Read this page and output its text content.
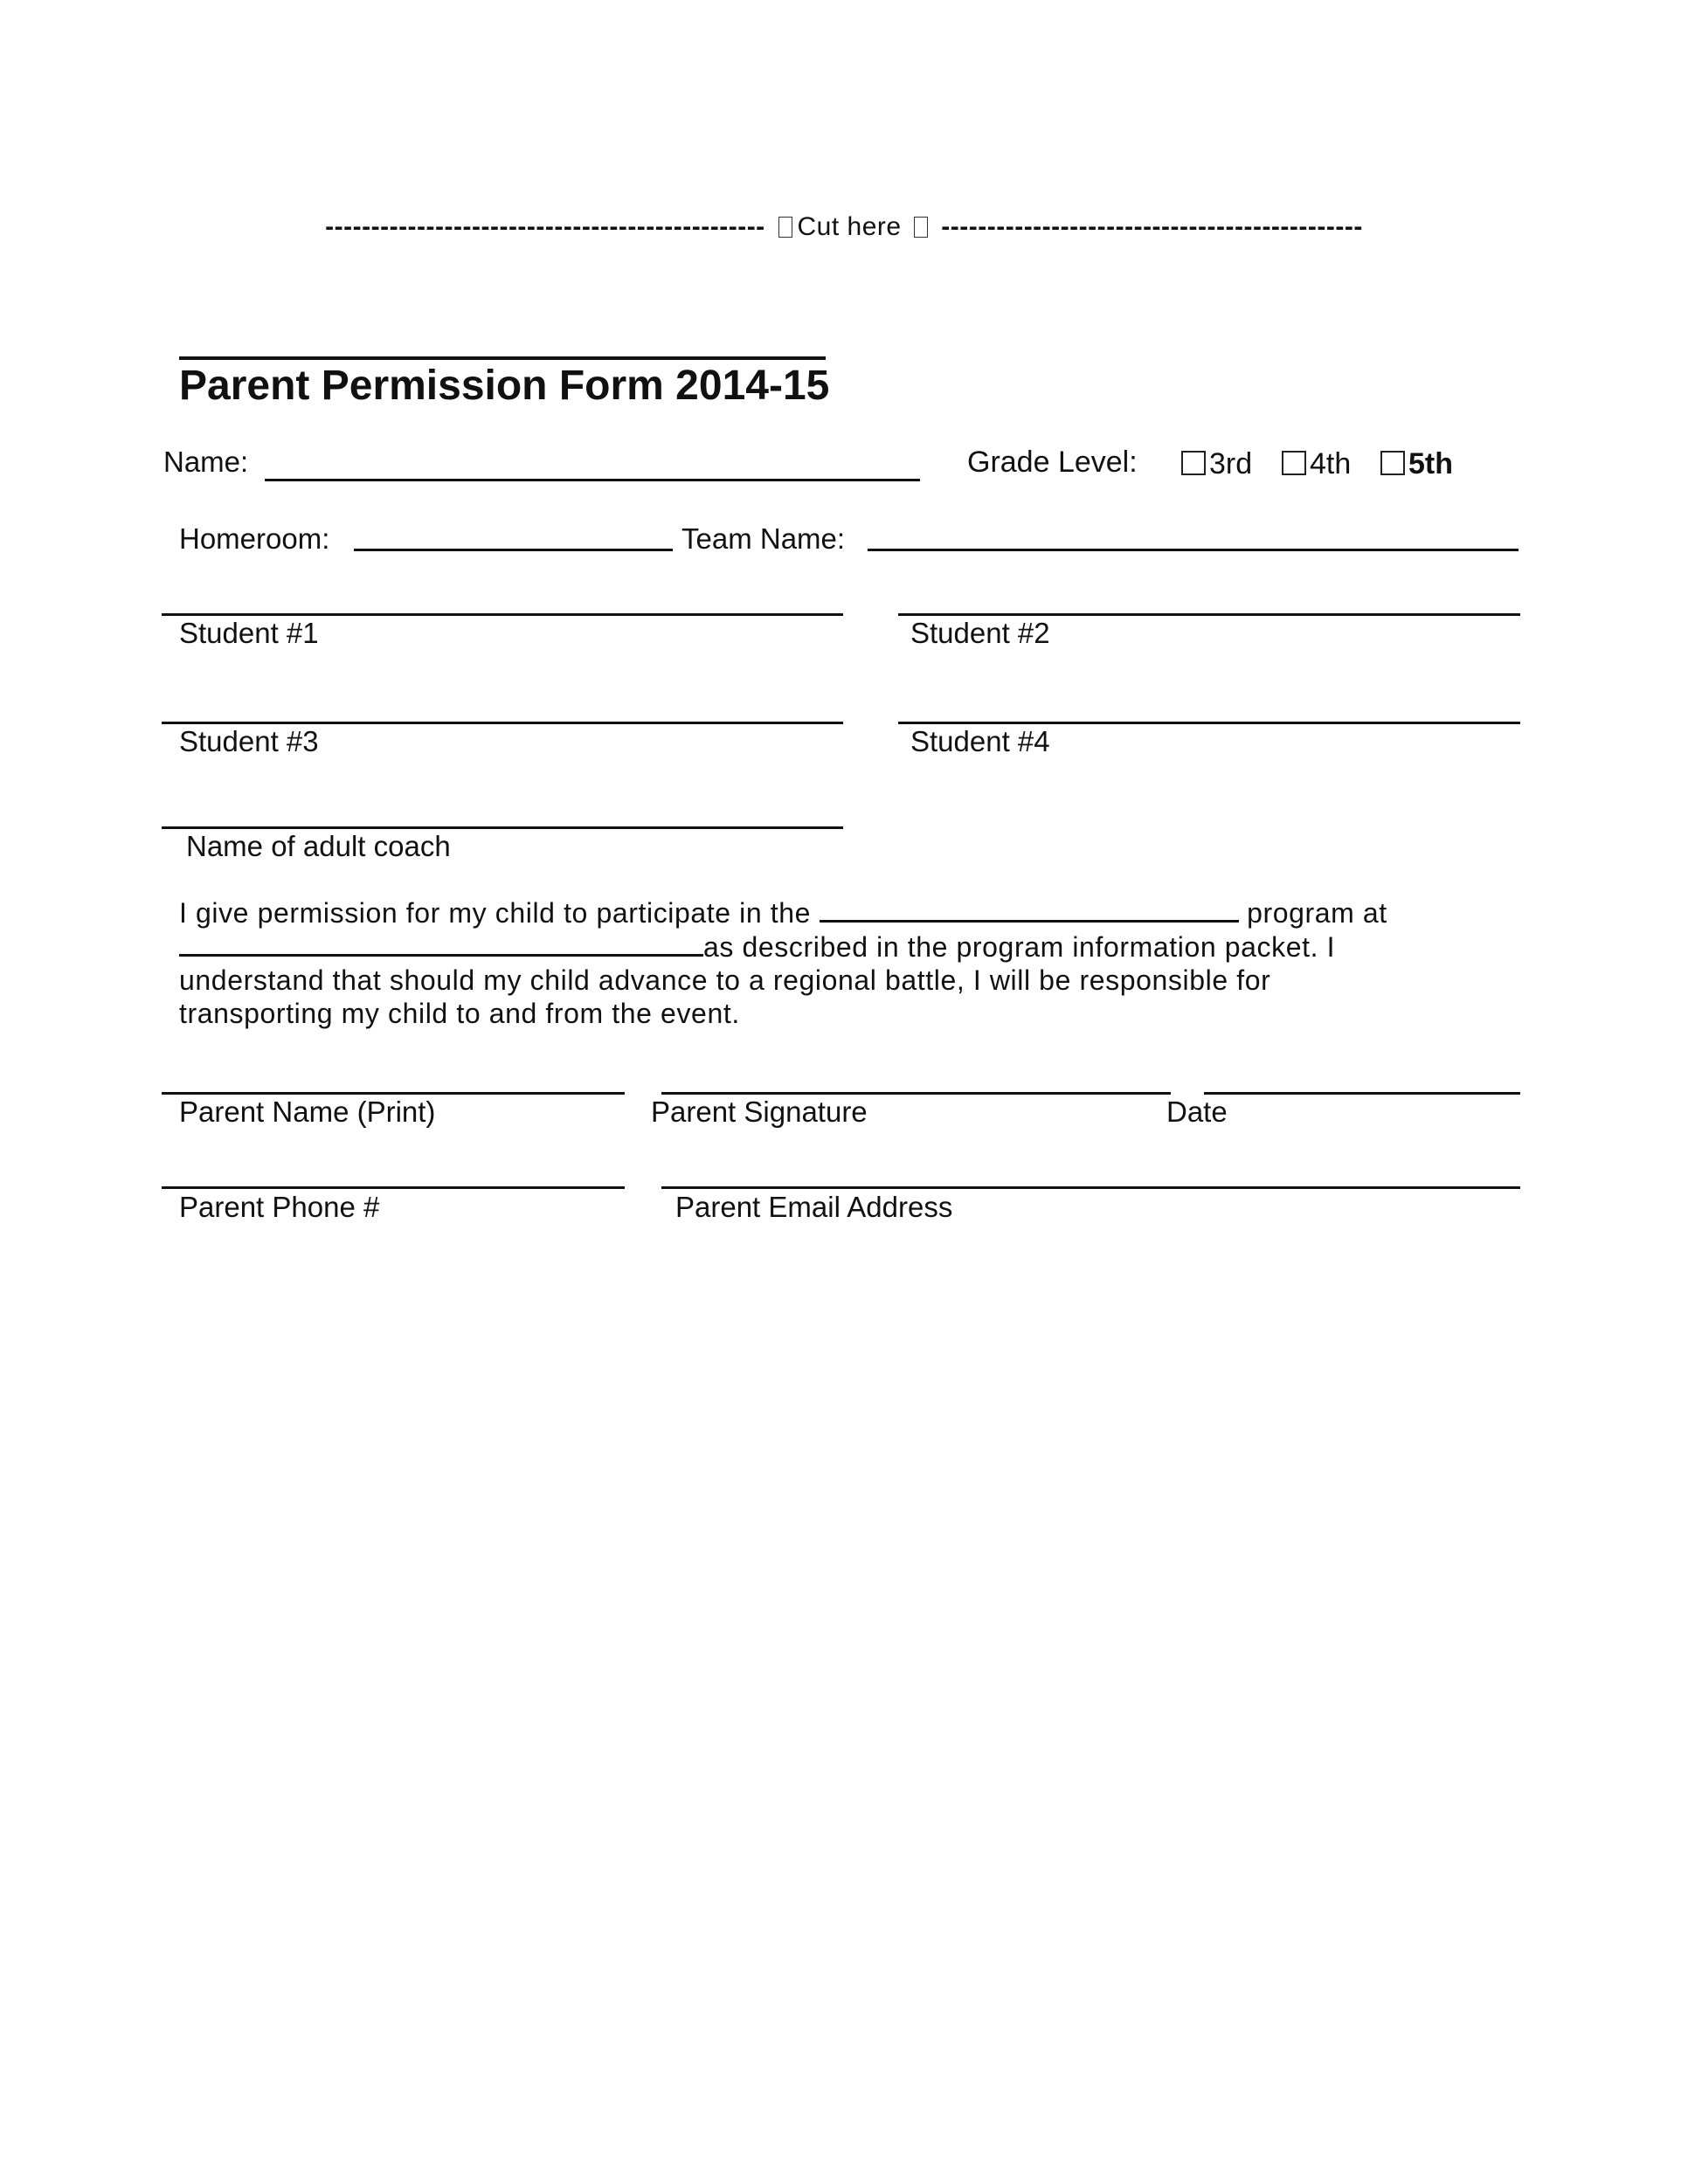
------------------------------------------------ Cut here ----------------------------------------------
Parent Permission Form 2014-15
Name:	Grade Level:	3rd	4th	5th
Homeroom:	Team Name:
Student #1	Student #2
Student #3	Student #4
Name of adult coach
I give permission for my child to participate in the	program at
as described in the program information packet. I
understand that should my child advance to a regional battle, I will be responsible for
transporting my child to and from the event.
Parent Name (Print)	Parent Signature	Date
Parent Phone #	Parent Email Address
